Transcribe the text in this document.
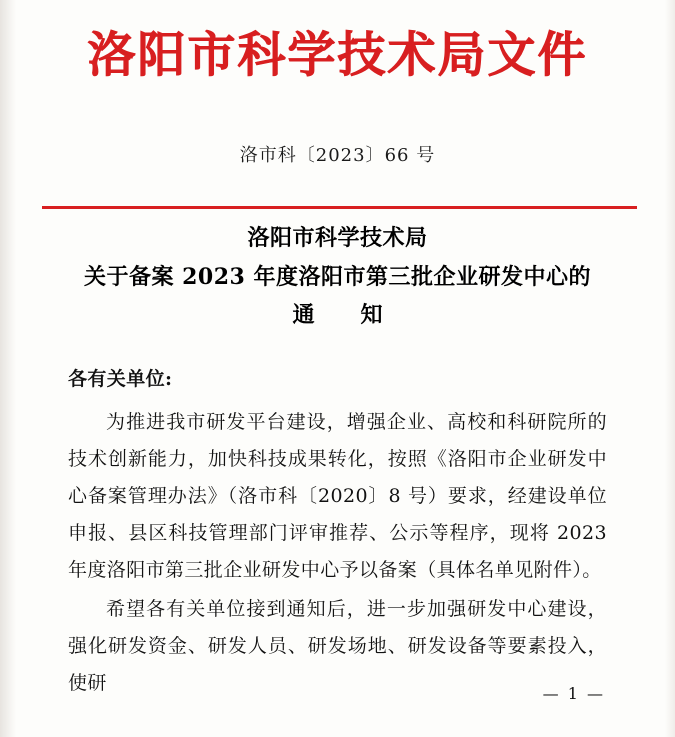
洛阳市科学技术局文件
洛市科〔2023〕66 号
洛阳市科学技术局
关于备案 2023 年度洛阳市第三批企业研发中心的
通　知

各有关单位:

为推进我市研发平台建设，增强企业、高校和科研院所的技术创新能力，加快科技成果转化，按照《洛阳市企业研发中心备案管理办法》（洛市科〔2020〕8 号）要求，经建设单位申报、县区科技管理部门评审推荐、公示等程序，现将 2023 年度洛阳市第三批企业研发中心予以备案（具体名单见附件）。

希望各有关单位接到通知后，进一步加强研发中心建设，强化研发资金、研发人员、研发场地、研发设备等要素投入，使研	— 1 —
